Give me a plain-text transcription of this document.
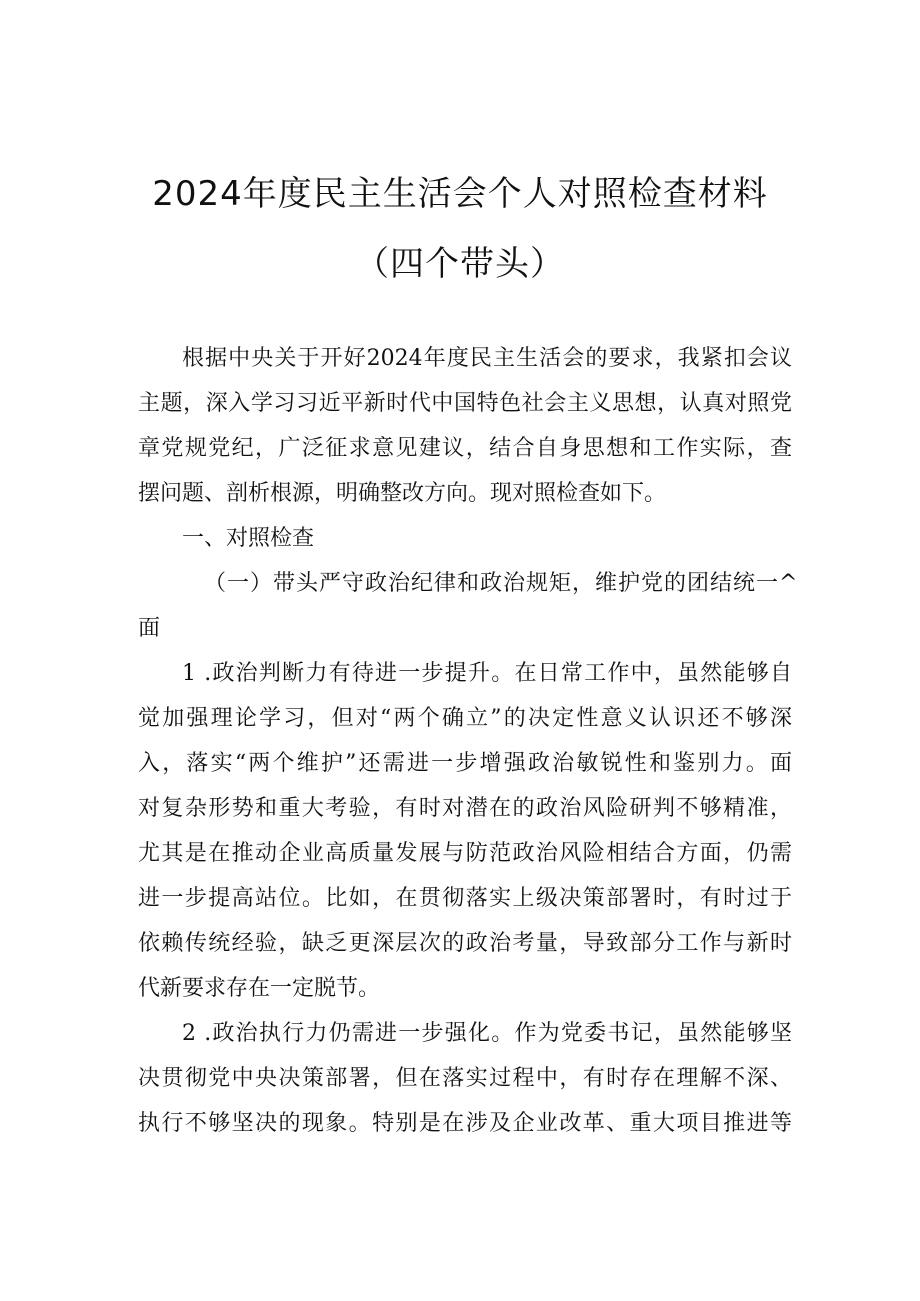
2024年度民主生活会个人对照检查材料
（四个带头）
根据中央关于开好2024年度民主生活会的要求，我紧扣会议
主题，深入学习习近平新时代中国特色社会主义思想，认真对照党
章党规党纪，广泛征求意见建议，结合自身思想和工作实际，查
摆问题、剖析根源，明确整改方向。现对照检查如下。
一、对照检查
（一）带头严守政治纪律和政治规矩，维护党的团结统一^
面
1 .政治判断力有待进一步提升。在日常工作中，虽然能够自
觉加强理论学习，但对“两个确立”的决定性意义认识还不够深
入，落实“两个维护”还需进一步增强政治敏锐性和鉴别力。面
对复杂形势和重大考验，有时对潜在的政治风险研判不够精准，
尤其是在推动企业高质量发展与防范政治风险相结合方面，仍需
进一步提高站位。比如，在贯彻落实上级决策部署时，有时过于
依赖传统经验，缺乏更深层次的政治考量，导致部分工作与新时
代新要求存在一定脱节。
2 .政治执行力仍需进一步强化。作为党委书记，虽然能够坚
决贯彻党中央决策部署，但在落实过程中，有时存在理解不深、
执行不够坚决的现象。特别是在涉及企业改革、重大项目推进等
